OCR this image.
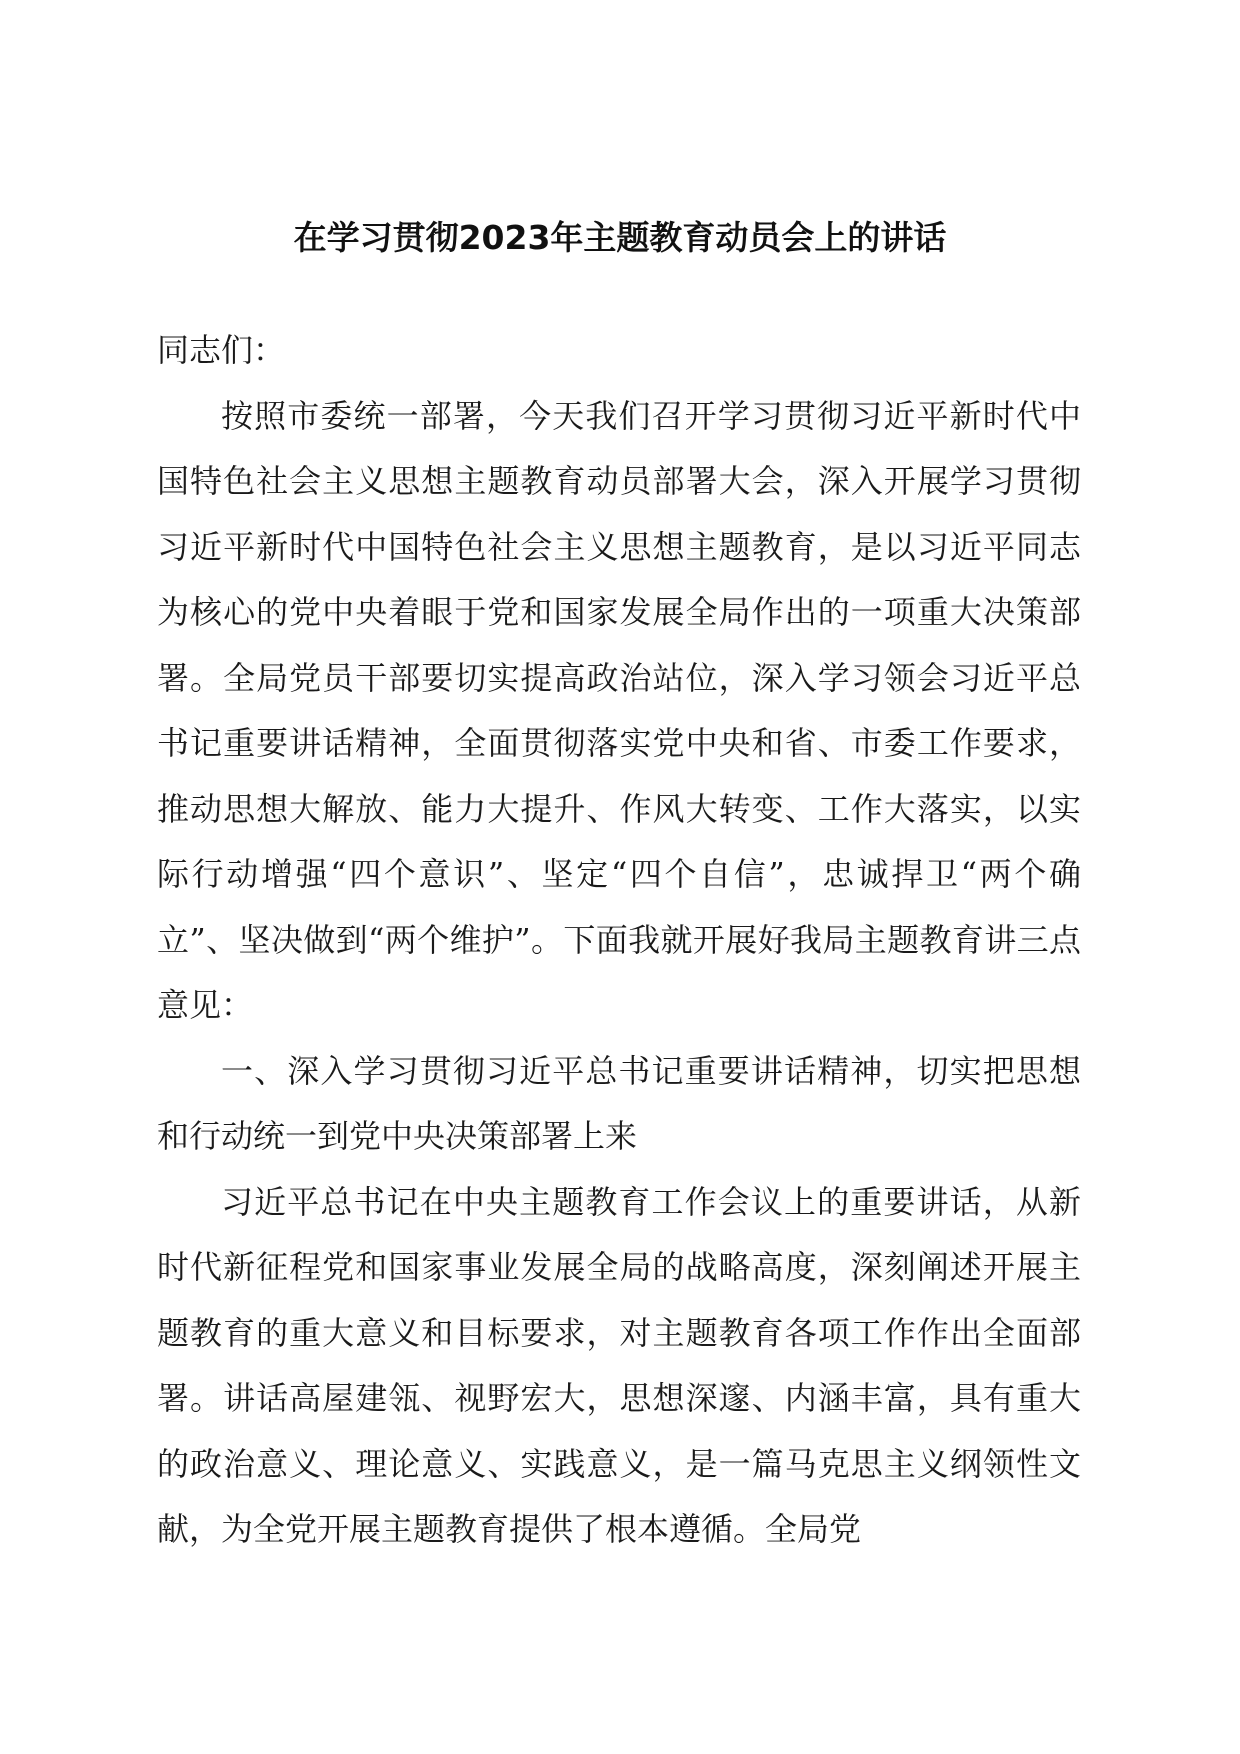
在学习贯彻2023年主题教育动员会上的讲话

同志们：

按照市委统一部署，今天我们召开学习贯彻习近平新时代中国特色社会主义思想主题教育动员部署大会，深入开展学习贯彻习近平新时代中国特色社会主义思想主题教育，是以习近平同志为核心的党中央着眼于党和国家发展全局作出的一项重大决策部署。全局党员干部要切实提高政治站位，深入学习领会习近平总书记重要讲话精神，全面贯彻落实党中央和省、市委工作要求，推动思想大解放、能力大提升、作风大转变、工作大落实，以实际行动增强“四个意识”、坚定“四个自信”，忠诚捍卫“两个确立”、坚决做到“两个维护”。下面我就开展好我局主题教育讲三点意见：

一、深入学习贯彻习近平总书记重要讲话精神，切实把思想和行动统一到党中央决策部署上来

习近平总书记在中央主题教育工作会议上的重要讲话，从新时代新征程党和国家事业发展全局的战略高度，深刻阐述开展主题教育的重大意义和目标要求，对主题教育各项工作作出全面部署。讲话高屋建瓴、视野宏大，思想深邃、内涵丰富，具有重大的政治意义、理论意义、实践意义，是一篇马克思主义纲领性文献，为全党开展主题教育提供了根本遵循。全局党
